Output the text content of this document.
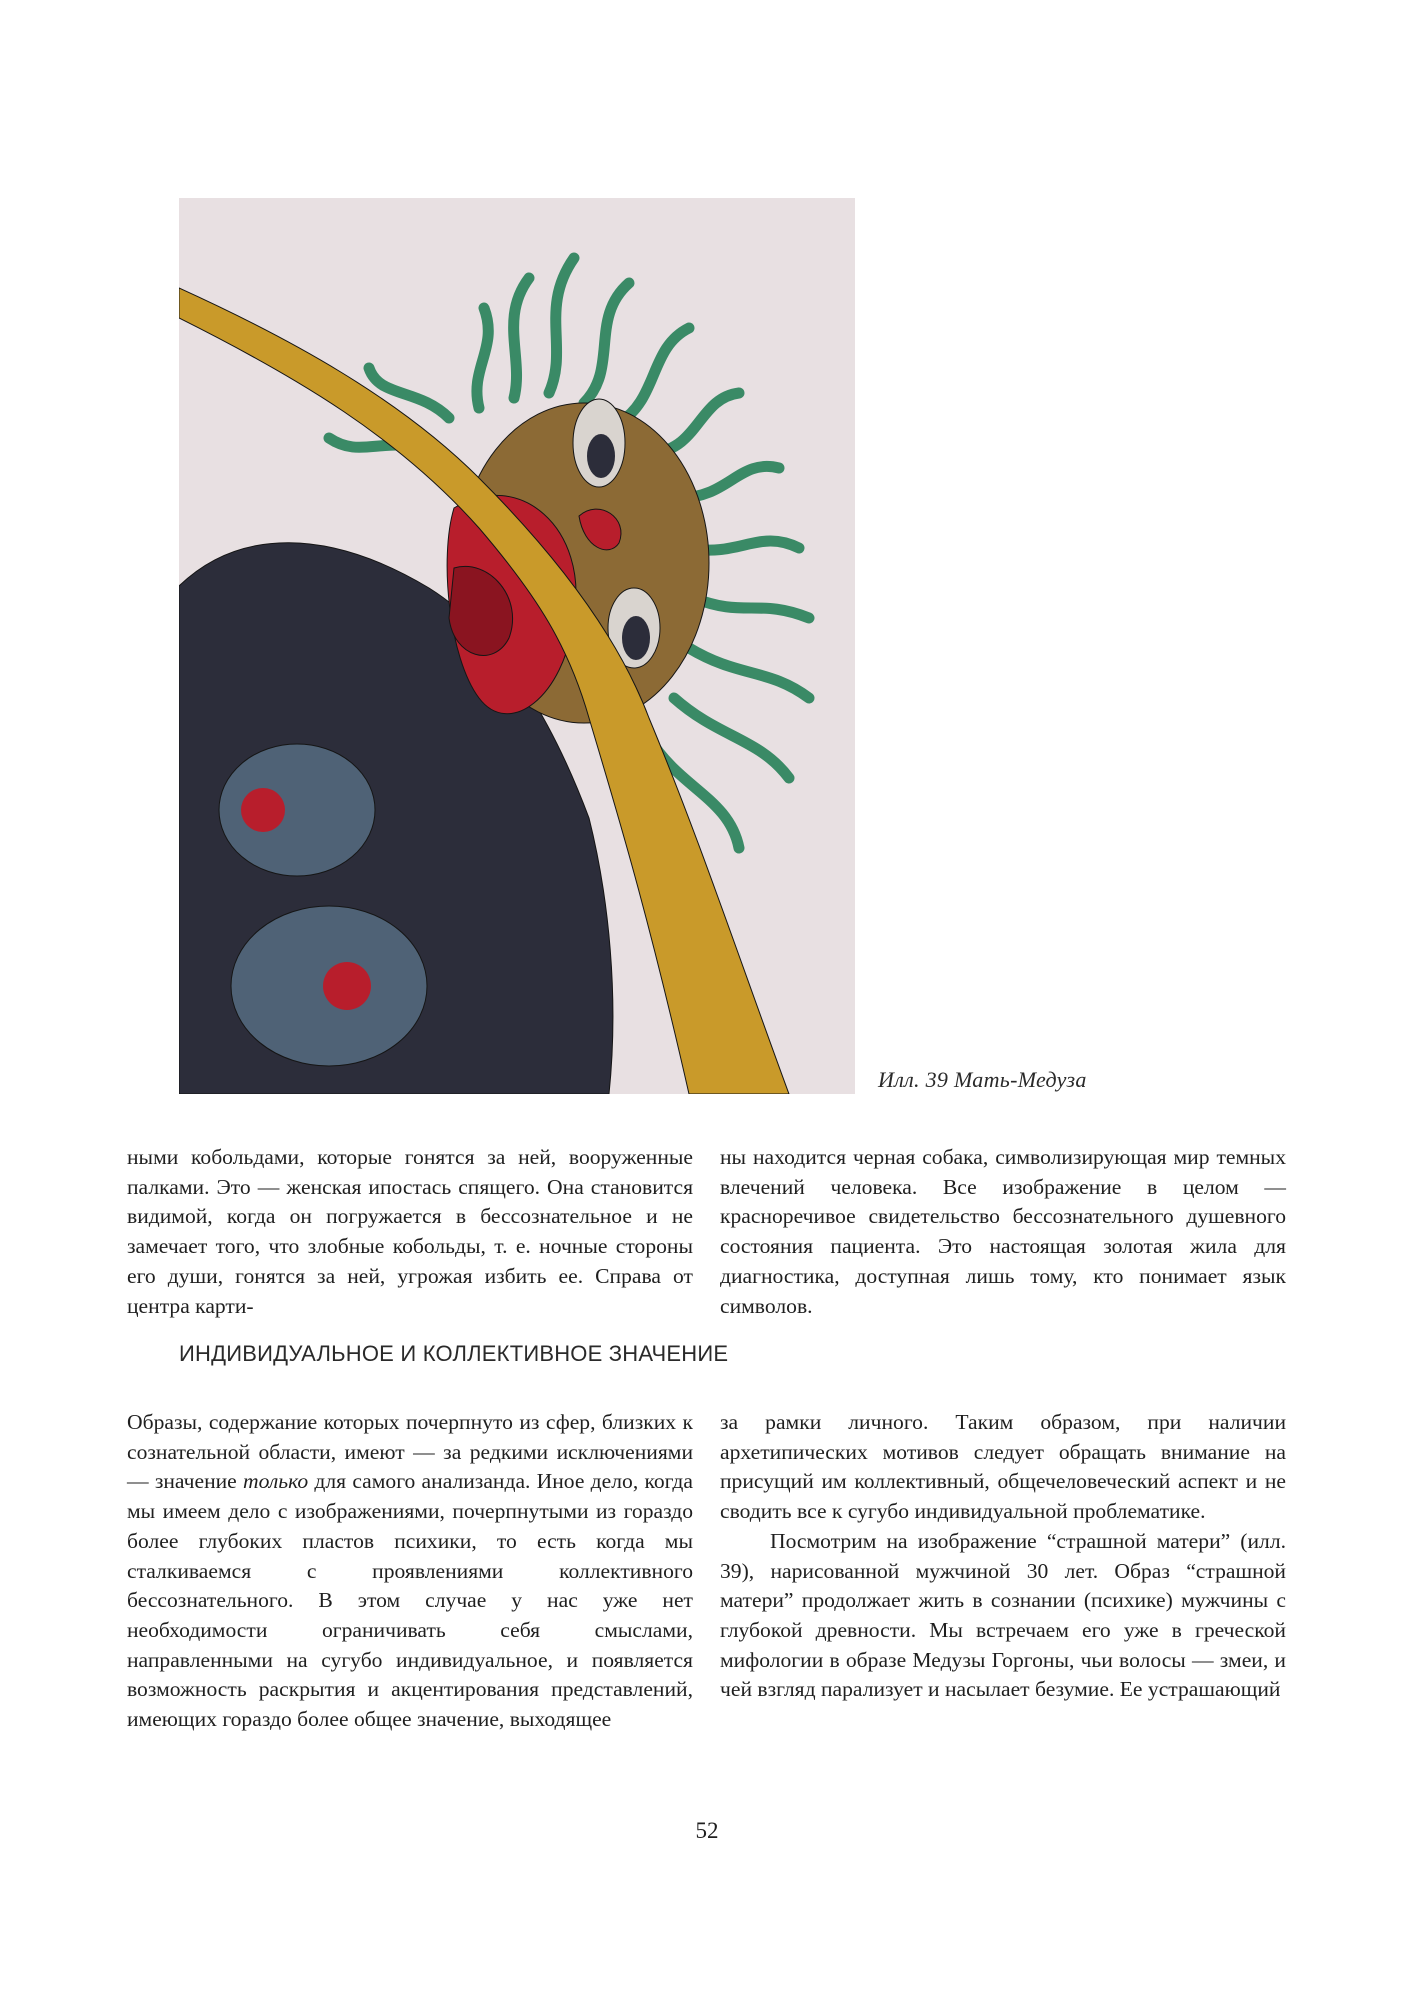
Илл. 39 Мать-Медуза

ными кобольдами, которые гонятся за ней, вооруженные палками. Это — женская ипостась спящего. Она становится видимой, когда он погружается в бессознательное и не замечает того, что злобные кобольды, т. е. ночные стороны его души, гонятся за ней, угрожая избить ее. Справа от центра карти-

ны находится черная собака, символизирующая мир темных влечений человека. Все изображение в целом — красноречивое свидетельство бессознательного душевного состояния пациента. Это настоящая золотая жила для диагностика, доступная лишь тому, кто понимает язык символов.

ИНДИВИДУАЛЬНОЕ И КОЛЛЕКТИВНОЕ ЗНАЧЕНИЕ

Образы, содержание которых почерпнуто из сфер, близких к сознательной области, имеют — за редкими исключениями — значение только для самого анализанда. Иное дело, когда мы имеем дело с изображениями, почерпнутыми из гораздо более глубоких пластов психики, то есть когда мы сталкиваемся с проявлениями коллективного бессознательного. В этом случае у нас уже нет необходимости ограничивать себя смыслами, направленными на сугубо индивидуальное, и появляется возможность раскрытия и акцентирования представлений, имеющих гораздо более общее значение, выходящее

за рамки личного. Таким образом, при наличии архетипических мотивов следует обращать внимание на присущий им коллективный, общечеловеческий аспект и не сводить все к сугубо индивидуальной проблематике.

Посмотрим на изображение “страшной матери” (илл. 39), нарисованной мужчиной 30 лет. Образ “страшной матери” продолжает жить в сознании (психике) мужчины с глубокой древности. Мы встречаем его уже в греческой мифологии в образе Медузы Горгоны, чьи волосы — змеи, и чей взгляд парализует и насылает безумие. Ее устрашающий

52
